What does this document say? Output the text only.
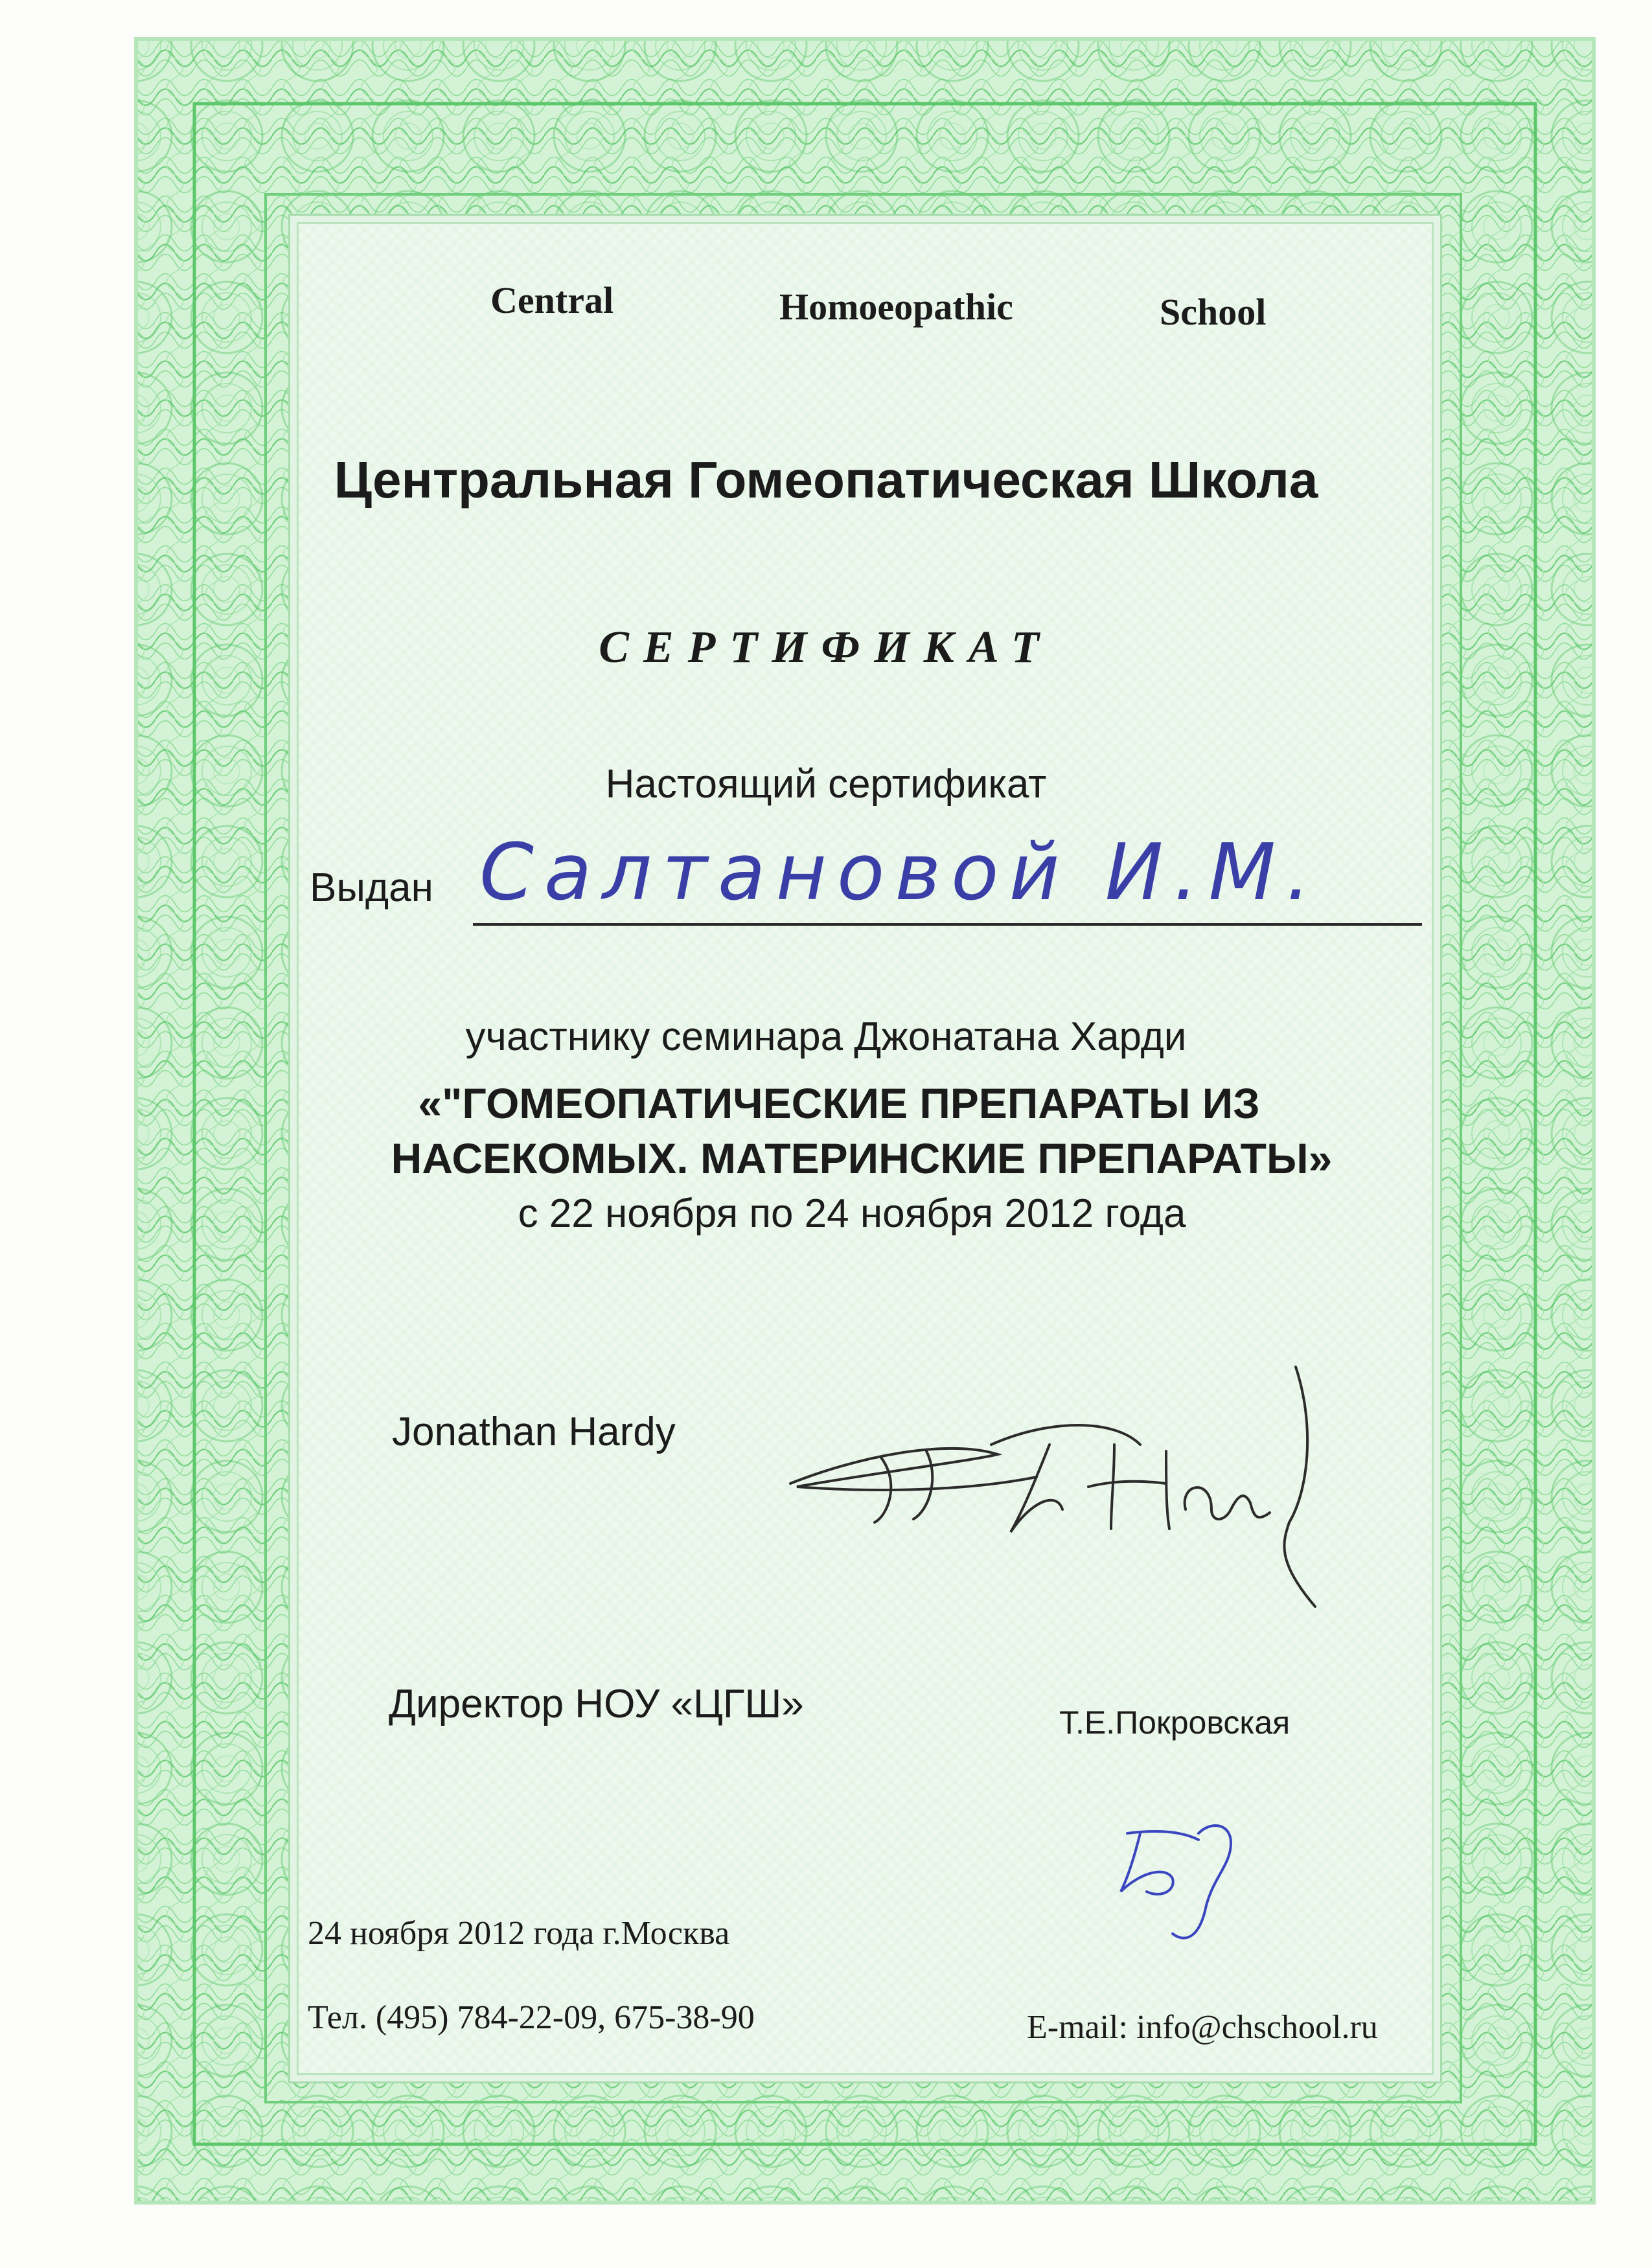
Central	Homoeopathic	School
Центральная Гомеопатическая Школа
СЕРТИФИКАТ
Настоящий сертификат
Выдан Салтановой И.М.
участнику семинара Джонатана Харди
«"ГОМЕОПАТИЧЕСКИЕ ПРЕПАРАТЫ ИЗ
НАСЕКОМЫХ. МАТЕРИНСКИЕ ПРЕПАРАТЫ»
с 22 ноября по 24 ноября 2012 года
Jonathan Hardy
Директор НОУ «ЦГШ»	Т.Е.Покровская
24 ноября 2012 года г.Москва
Тел. (495) 784-22-09, 675-38-90	E-mail: info@chschool.ru
